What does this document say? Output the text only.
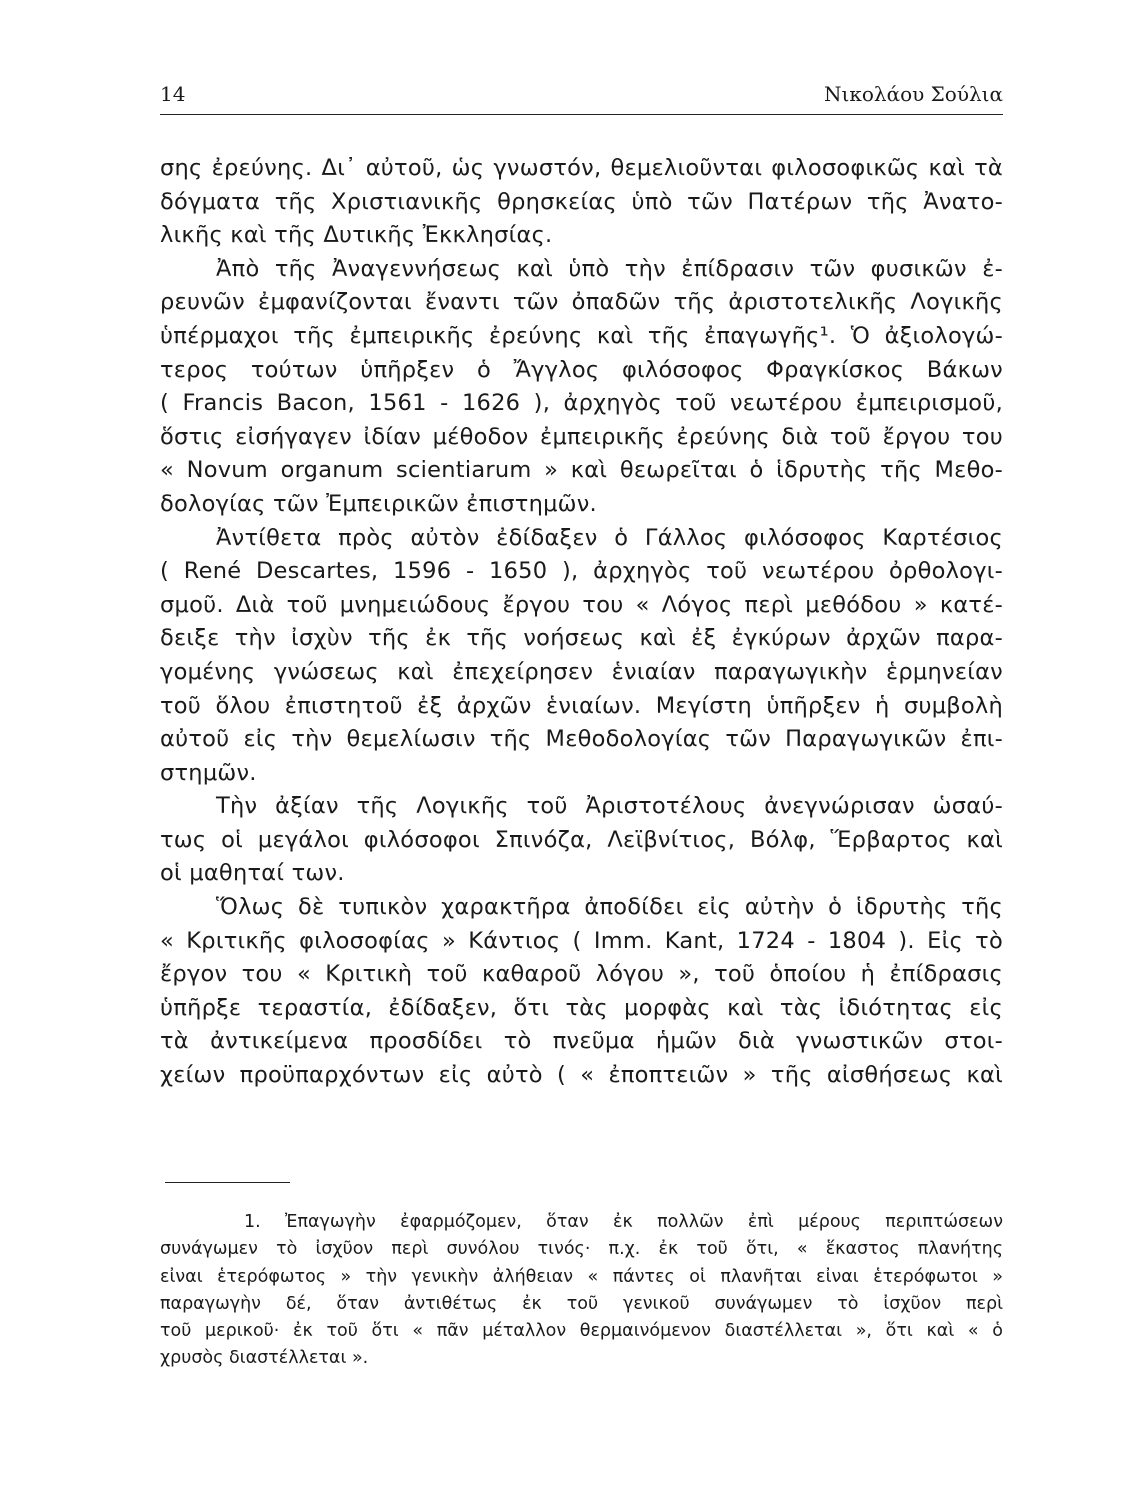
14	Νικολάου Σούλια
σης ἐρεύνης. Δι᾿ αὐτοῦ, ὡς γνωστόν, θεμελιοῦνται φιλοσοφικῶς καὶ τὰ
δόγματα τῆς Χριστιανικῆς θρησκείας ὑπὸ τῶν Πατέρων τῆς Ἀνατο-
λικῆς καὶ τῆς Δυτικῆς Ἐκκλησίας.
Ἀπὸ τῆς Ἀναγεννήσεως καὶ ὑπὸ τὴν ἐπίδρασιν τῶν φυσικῶν ἐ-
ρευνῶν ἐμφανίζονται ἔναντι τῶν ὀπαδῶν τῆς ἀριστοτελικῆς Λογικῆς
ὑπέρμαχοι τῆς ἐμπειρικῆς ἐρεύνης καὶ τῆς ἐπαγωγῆς¹. Ὁ ἀξιολογώ-
τερος τούτων ὑπῆρξεν ὁ Ἄγγλος φιλόσοφος Φραγκίσκος Βάκων
( Francis Bacon, 1561 - 1626 ), ἀρχηγὸς τοῦ νεωτέρου ἐμπειρισμοῦ,
ὅστις εἰσήγαγεν ἰδίαν μέθοδον ἐμπειρικῆς ἐρεύνης διὰ τοῦ ἔργου του
« Novum organum scientiarum » καὶ θεωρεῖται ὁ ἱδρυτὴς τῆς Μεθο-
δολογίας τῶν Ἐμπειρικῶν ἐπιστημῶν.
Ἀντίθετα πρὸς αὐτὸν ἐδίδαξεν ὁ Γάλλος φιλόσοφος Καρτέσιος
( René Descartes, 1596 - 1650 ), ἀρχηγὸς τοῦ νεωτέρου ὀρθολογι-
σμοῦ. Διὰ τοῦ μνημειώδους ἔργου του « Λόγος περὶ μεθόδου » κατέ-
δειξε τὴν ἰσχὺν τῆς ἐκ τῆς νοήσεως καὶ ἐξ ἐγκύρων ἀρχῶν παρα-
γομένης γνώσεως καὶ ἐπεχείρησεν ἑνιαίαν παραγωγικὴν ἑρμηνείαν
τοῦ ὅλου ἐπιστητοῦ ἐξ ἀρχῶν ἑνιαίων. Μεγίστη ὑπῆρξεν ἡ συμβολὴ
αὐτοῦ εἰς τὴν θεμελίωσιν τῆς Μεθοδολογίας τῶν Παραγωγικῶν ἐπι-
στημῶν.
Τὴν ἀξίαν τῆς Λογικῆς τοῦ Ἀριστοτέλους ἀνεγνώρισαν ὡσαύ-
τως οἱ μεγάλοι φιλόσοφοι Σπινόζα, Λεϊβνίτιος, Βόλφ, Ἕρβαρτος καὶ
οἱ μαθηταί των.
Ὅλως δὲ τυπικὸν χαρακτῆρα ἀποδίδει εἰς αὐτὴν ὁ ἱδρυτὴς τῆς
« Κριτικῆς φιλοσοφίας » Κάντιος ( Imm. Kant, 1724 - 1804 ). Εἰς τὸ
ἔργον του « Κριτικὴ τοῦ καθαροῦ λόγου », τοῦ ὁποίου ἡ ἐπίδρασις
ὑπῆρξε τεραστία, ἐδίδαξεν, ὅτι τὰς μορφὰς καὶ τὰς ἰδιότητας εἰς
τὰ ἀντικείμενα προσδίδει τὸ πνεῦμα ἡμῶν διὰ γνωστικῶν στοι-
χείων προϋπαρχόντων εἰς αὐτὸ ( « ἐποπτειῶν » τῆς αἰσθήσεως καὶ
1. Ἐπαγωγὴν ἐφαρμόζομεν, ὅταν ἐκ πολλῶν ἐπὶ μέρους περιπτώσεων
συνάγωμεν τὸ ἰσχῦον περὶ συνόλου τινός· π.χ. ἐκ τοῦ ὅτι, « ἕκαστος πλανήτης
εἶναι ἑτερόφωτος » τὴν γενικὴν ἀλήθειαν « πάντες οἱ πλανῆται εἶναι ἑτερόφωτοι »
παραγωγὴν δέ, ὅταν ἀντιθέτως ἐκ τοῦ γενικοῦ συνάγωμεν τὸ ἰσχῦον περὶ
τοῦ μερικοῦ· ἐκ τοῦ ὅτι « πᾶν μέταλλον θερμαινόμενον διαστέλλεται », ὅτι καὶ « ὁ
χρυσὸς διαστέλλεται ».
